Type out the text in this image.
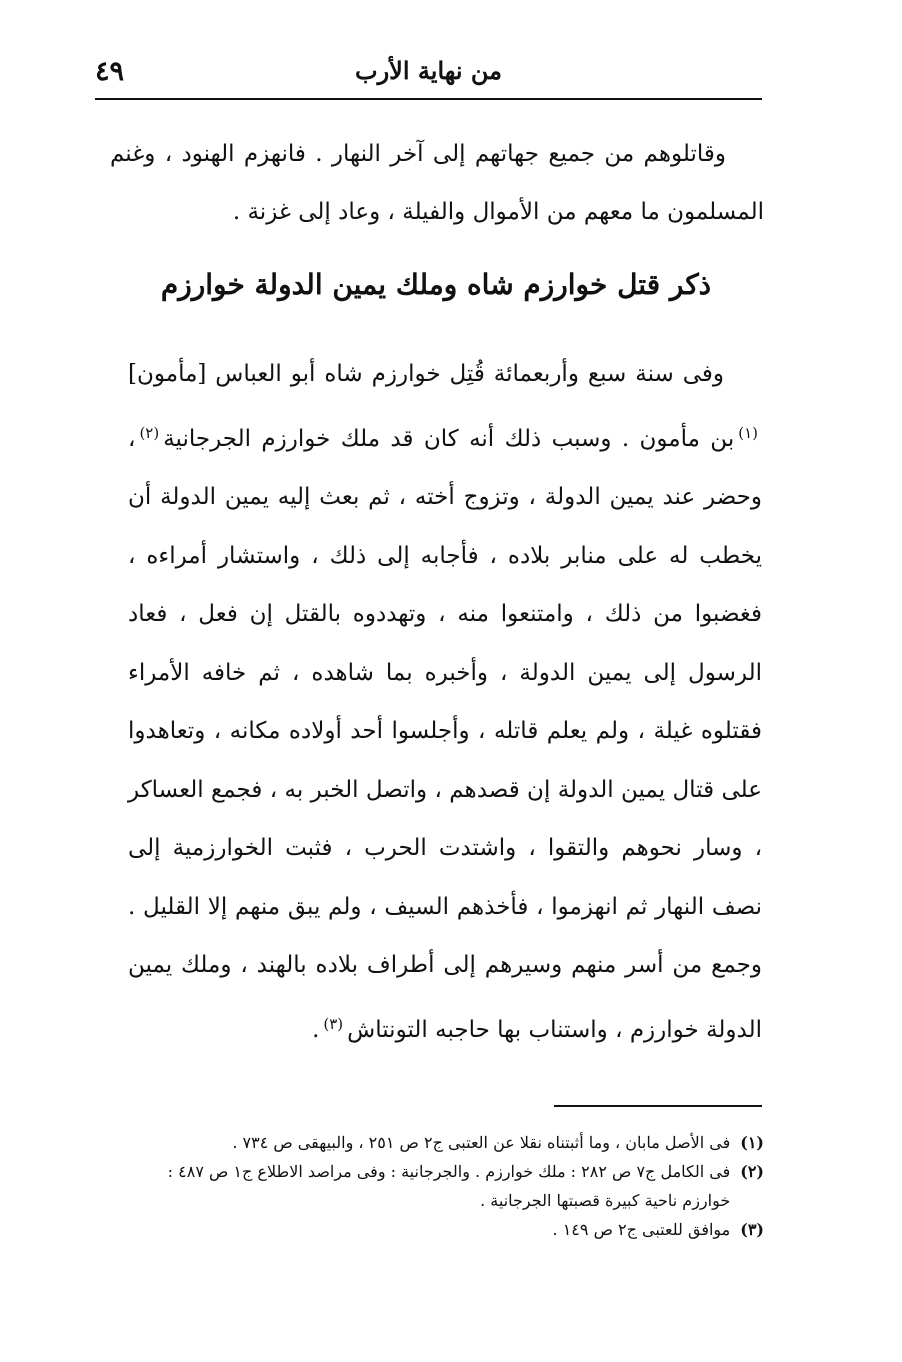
٤٩	من نهاية الأرب

وقاتلوهم من جميع جهاتهم إلى آخر النهار . فانهزم الهنود ، وغنم المسلمون ما معهم من الأموال والفيلة ، وعاد إلى غزنة .

ذكر قتل خوارزم شاه وملك يمين الدولة خوارزم

وفى سنة سبع وأربعمائة قُتِل خوارزم شاه أبو العباس [مأمون]$^{(١)}$بن مأمون . وسبب ذلك أنه كان قد ملك خوارزم الجرجانية$^{(٢)}$، وحضر عند يمين الدولة ، وتزوج أخته ، ثم بعث إليه يمين الدولة أن يخطب له على منابر بلاده ، فأجابه إلى ذلك ، واستشار أمراءه ، فغضبوا من ذلك ، وامتنعوا منه ، وتهددوه بالقتل إن فعل ، فعاد الرسول إلى يمين الدولة ، وأخبره بما شاهده ، ثم خافه الأمراء فقتلوه غيلة ، ولم يعلم قاتله ، وأجلسوا أحد أولاده مكانه ، وتعاهدوا على قتال يمين الدولة إن قصدهم ، واتصل الخبر به ، فجمع العساكر ، وسار نحوهم والتقوا ، واشتدت الحرب ، فثبت الخوارزمية إلى نصف النهار ثم انهزموا ، فأخذهم السيف ، ولم يبق منهم إلا القليل . وجمع من أسر منهم وسيرهم إلى أطراف بلاده بالهند ، وملك يمين الدولة خوارزم ، واستناب بها حاجبه التونتاش$^{(٣)}$.

(١)
فى الأصل مابان ، وما أثبتناه نقلا عن العتبى ج٢ ص ٢٥١ ، والبيهقى ص ٧٣٤ .
(٢)
فى الكامل ج٧ ص ٢٨٢ : ملك خوارزم . والجرجانية : وفى مراصد الاطلاع ج١ ص ٤٨٧ : خوارزم ناحية كبيرة قصبتها الجرجانية .
(٣)
موافق للعتبى ج٢ ص ١٤٩ .
